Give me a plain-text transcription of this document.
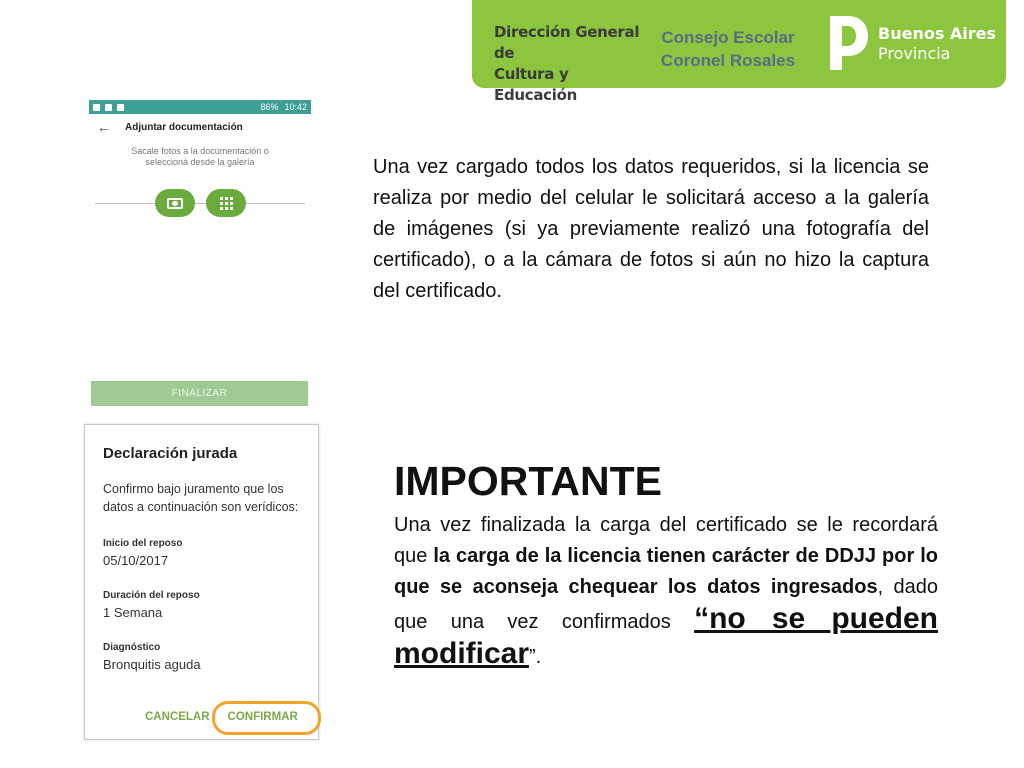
Dirección General de
Cultura y Educación
Consejo Escolar
Coronel Rosales
Buenos Aires
Provincia
86% 10:42
← Adjuntar documentación
Sacale fotos a la documentación o seleccioná desde la galería
FINALIZAR
Declaración jurada
Confirmo bajo juramento que los datos a continuación son verídicos:
Inicio del reposo
05/10/2017
Duración del reposo
1 Semana
Diagnóstico
Bronquitis aguda
CANCELAR CONFIRMAR

Una vez cargado todos los datos requeridos, si la licencia se realiza por medio del celular le solicitará acceso a la galería de imágenes (si ya previamente realizó una fotografía del certificado), o a la cámara de fotos si aún no hizo la captura del certificado.

IMPORTANTE

Una vez finalizada la carga del certificado se le recordará que la carga de la licencia tienen carácter de DDJJ por lo que se aconseja chequear los datos ingresados, dado que una vez confirmados “no se pueden modificar”.
